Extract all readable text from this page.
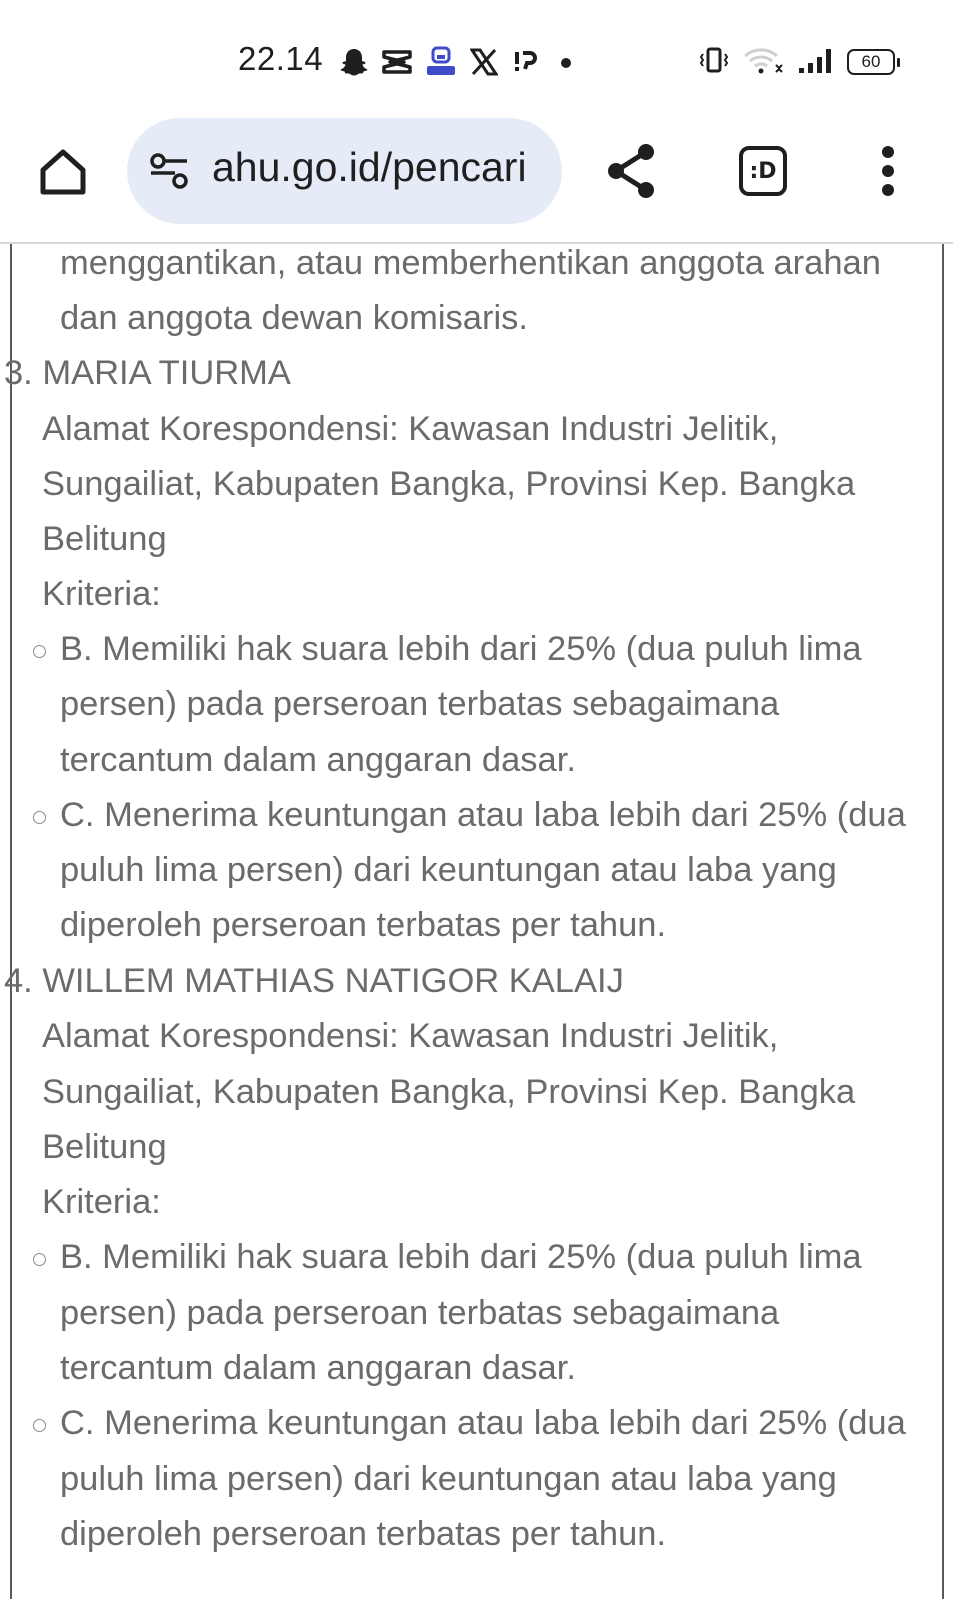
22.14	60
ahu.go.id/pencari	:D
menggantikan, atau memberhentikan anggota arahan
dan anggota dewan komisaris.
3. MARIA TIURMA
Alamat Korespondensi: Kawasan Industri Jelitik,
Sungailiat, Kabupaten Bangka, Provinsi Kep. Bangka
Belitung
Kriteria:
B. Memiliki hak suara lebih dari 25% (dua puluh lima
persen) pada perseroan terbatas sebagaimana
tercantum dalam anggaran dasar.
C. Menerima keuntungan atau laba lebih dari 25% (dua
puluh lima persen) dari keuntungan atau laba yang
diperoleh perseroan terbatas per tahun.
4. WILLEM MATHIAS NATIGOR KALAIJ
Alamat Korespondensi: Kawasan Industri Jelitik,
Sungailiat, Kabupaten Bangka, Provinsi Kep. Bangka
Belitung
Kriteria:
B. Memiliki hak suara lebih dari 25% (dua puluh lima
persen) pada perseroan terbatas sebagaimana
tercantum dalam anggaran dasar.
C. Menerima keuntungan atau laba lebih dari 25% (dua
puluh lima persen) dari keuntungan atau laba yang
diperoleh perseroan terbatas per tahun.
